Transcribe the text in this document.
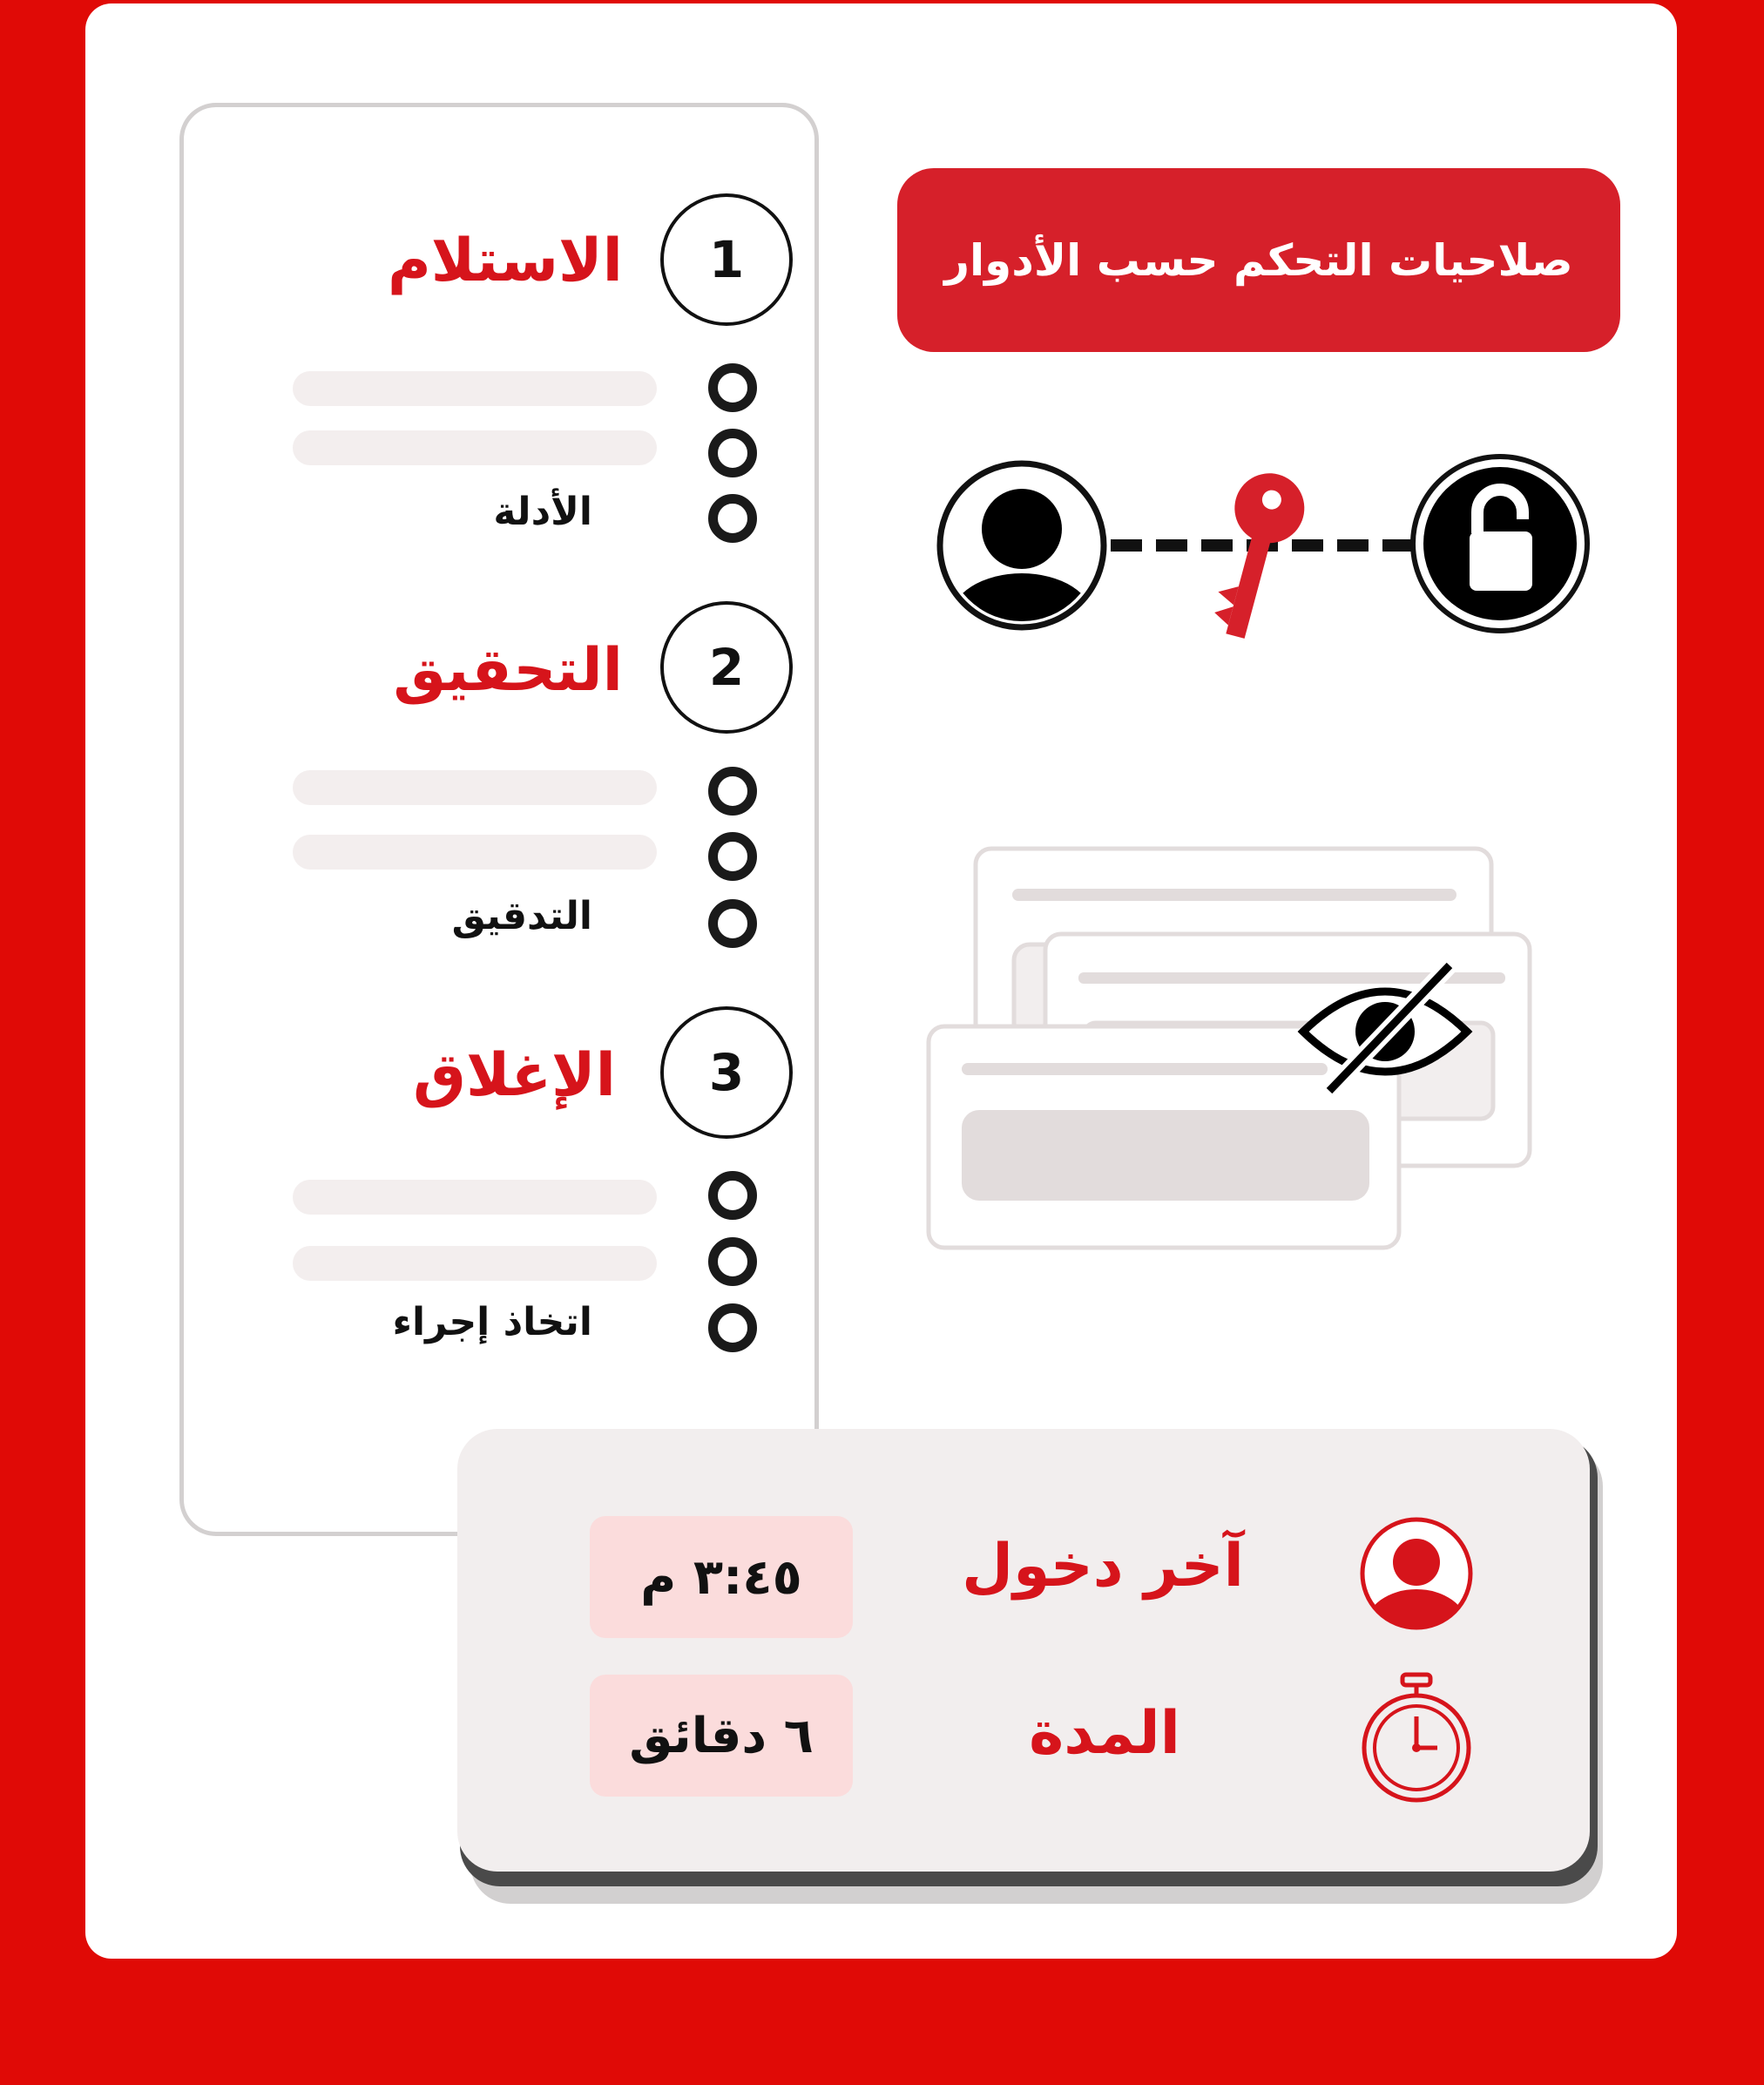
1
الاستلام
الأدلة
2
التحقيق
التدقيق
3
الإغلاق
اتخاذ إجراء
صلاحيات التحكم حسب الأدوار
آخر دخول
٣:٤٥ م
المدة
٦ دقائق
